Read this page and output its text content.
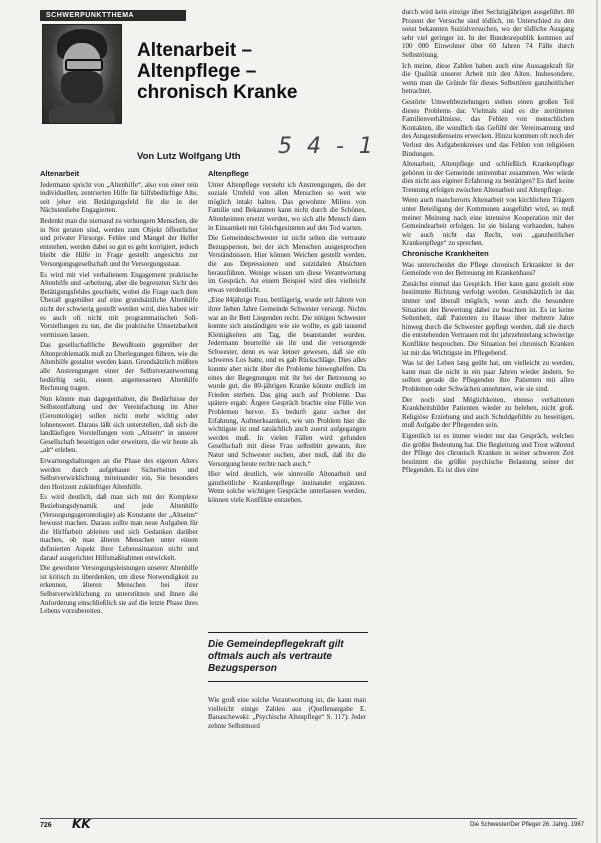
SCHWERPUNKTTHEMA
Altenarbeit –
Altenpflege –
chronisch Kranke
5 4 - 1
Von Lutz Wolfgang Uth
Altenarbeit

Jedermann spricht von „Altenhilfe“, also von einer rein individuellen, zentrierten Hilfe für hilfsbedürftige Alte, seit jeher ein Betätigungsfeld für die in der Nächstenliebe Engagierten.

Bedenkt man die niemand zu verhungern Menschen, die in Not geraten sind, werden zum Objekt öffentlicher und privater Fürsorge. Fehler und Mangel der Helfer entstehen, werden dabei so gut es geht korrigiert, jedoch bleibt die Hilfe in Frage gestellt angesichts zur Versorgungsgesellschaft und ihr Versorgungsstaat.

Es wird mit viel verhaltenem Engagement praktische Altenhilfe und -arbeitung, aber die begrenzten Sicht des Betätigungsfeldes geschieht, wobei die Frage nach dem Überall gegenüber auf eine grundsätzliche Altenhilfe nicht der schwierig gestellt werden wird, dies haben wir es auch oft nicht mit programmatischen Soll-Vorstellungen zu tun, die die praktische Umsetzbarkeit vermissen lassen.

Das gesellschaftliche Bewußtsein gegenüber der Altenproblematik muß zu Überlegungen führen, wie die Altenhilfe gestaltet werden kann. Grundsätzlich müßten alle Anstrengungen einer der Selbstverantwortung bedürftig sein, einem angemessenen Altenhilfe Rechnung tragen.

Nun könnte man dagegenhalten, die Bedürfnisse der Selbstentfaltung und der Vereinfachung im Alter (Gerontologie) sollen nicht mehr wichtig oder lohnenswert. Daraus läßt sich unterstellen, daß sich die landläufigen Vorstellungen vom „Altsein“ in unserer Gesellschaft beseitigen oder erweitern, die wir heute als „alt“ erleben.

Erwartungshaltungen an die Phase des eigenen Alters werden durch aufgebaute Sicherheiten und Selbstverwirklichung miteinander ein, Sie besonders den Horizont zukünftiger Altenhilfe.

Es wird deutlich, daß man sich mit der Komplexe Beziehungsdynamik und jede Altenhilfe (Versorgungsgerontologie) als Konstante der „Altseins“ bewusst machen. Daraus sollte man neue Aufgaben für die Hirlfarbeit ableiten und sich Gedanken darüber machen, ob man älteren Menschen unter einem definierten Aspekt ihrer Lebenssituation nicht und darauf ausgerichtet Hilfsmaßnahmen entwickelt.

Die gewohnte Versorgungsleistungen unserer Altenhilfe ist kritisch zu überdenken, um diese Notwendigkeit zu erkennen, älteren Menschen bei ihrer Selbstverwirklichung zu unterstützen und ihnen die Anforderung einschließlich sie auf die letzte Phase ihres Lebens vorzubereiten.

Altenpflege

Unter Altenpflege versteht ich Anstrengungen, die der soziale Umfeld von allen Menschen so weit wie möglich intakt halten. Das gewohnte Milieu von Familie und Bekannten kann nicht durch die Schönes, Altenheimen ersetzt werden, wo sich alle Mensch dann in Einsamkeit mit Gleichgesinnten auf den Tod warten.

Die Gemeindeschwester ist nicht selten die vertraute Bezugsperson, bei der sich Menschen ausgesprochen Verständnissen. Hier können Weichen gestellt werden, die aus Depressionen und suizidalen Absichten herausführen. Wenige wissen um diese Verantwortung im Gespräch. An einem Beispiel wird dies vielleicht etwas verdeutlicht.

„Eine 84jährige Frau, bettlägerig, wurde seit Jahren von ihrer lieben Jahre Gemeinde Schwester versorgt. Nichts war an ihr Bett Liegenden recht. Die nötigen Schwester konnte sich anständigen wie sie wollte, es gab tausend Kleinigkeiten am Tag, die beanstandet wurden. Jedermann beurteilte sie ihr und die versorgende Schwester, denn es war keiner gewesen, daß sie ein schweres Los hatte, und es gab Rückschläge. Dies alles konnte aber nicht über die Probleme hinweghelfen. Da eines der Begegnungen mit ihr bei der Betreuung so wurde gut, die 80-jährigen Kranke könnte endlich im Frieden sterben. Das ging auch auf Probleme. Das spätere ergab: Ärgere Gespräch brachte eine Fülle von Problemen hervor. Es bedurft ganz sicher der Erfahrung, Aufmerksamkeit, wie um Problem hier die wichtigste ist und tatsächlich auch zuerst aufgegangen werden muß. In vielen Fällen wird gefunden Gesellschaft mit diese Frau selbstbitt gewann, ihre Natur und Schwester suchen, aber muß, daß ihr die Versorgung heute rechte nach auch.“

Hier wird deutlich, wie sinnvolle Altenarbeit und ganzheitliche Krankenpflege ineinander ergänzen. Wenn solche wichtigen Gespräche unterlassen werden, können viele Konflikte entstehen.

Die Gemeindepflegekraft gilt oftmals auch als vertraute Bezugsperson

Wie groß eine solche Verantwortung ist, die kann man vielleicht einige Zahlen aus (Quellenangabe E. Banaschewski: „Psychische Altenpflege“ S. 117): Jeder zehnte Selbstmord

durch wird kein einzige über Sechzigjährigen ausgeführt. 80 Prozent der Versuche sind tödlich, im Unterschied zu den sonst bekannten Suizidversuchen, wo der tödliche Ausgang sehr viel geringer ist. In der Bundesrepublik kommen auf 100 000 Einwohner über 60 Jahren 74 Fälle durch Selbsttötung.

Ich meine, diese Zahlen haben auch eine Aussagekraft für die Qualität unserer Arbeit mit den Alten. Insbesondere, wenn man die Gründe für dieses Selbsttöten ganzheitlicher betrachtet.

Gestörte Umweltbeziehungen stehen einen großen Teil dieses Problems dar. Vielmals sind es die zerrütteten Familienverhältnisse, das Fehlen von menschlichen Kontakten, die wundlich das Gefühl der Vereinsamung und des Ausgestoßenseins erwecken. Hinzu kommen oft noch der Verlust des Aufgabenkreises und das Fehlen von religiösen Bindungen.

Altenarbeit, Altenpflege und schließlich Krankenpflege gehören in der Gemeinde untrennbar zusammen. Wer würde dies nicht aus eigener Erfahrung zu bestätigen? Es darf keine Trennung erfolgen zwischen Altenarbeit und Altenpflege.

Wenn auch mancherorts Altenarbeit von kirchlichen Trägern unter Beteiligung der Kommunen ausgeführt wird, so muß meiner Meinung nach eine intensive Kooperation mit der Gemeindearbeit erfolgen. Ist sie bislang vorhanden, haben wir auch nicht das Recht, von „ganzheitlicher Krankenpflege“ zu sprechen.

Chronische Krankheiten

Was unterscheidet die Pflege chronisch Erkrankter in der Gemeinde von der Betreuung im Krankenhaus?

Zunächst einmal das Gespräch. Hier kann ganz gezielt eine bestimmte Richtung verfolgt werden. Grundsätzlich ist das immer und überall möglich, wenn auch die besondere Situation der Bewertung dabei zu beachten ist. Es ist keine Seltenheit, daß Patienten zu Hause über mehrere Jahre hinweg durch die Schwester gepflegt werden, daß sie durch die entstehenden Vertrauen mit ihr jahrzehntelang schwierige Konflikte besprochen. Die Situation bei chronisch Kranken ist mit das Wichtigste im Pflegeberuf.

Was ist der Leben lang geübt hat, um vielleicht zu werden, kann man die nicht in ein paar Jahren wieder ändern. So sollten gerade die Pflegenden ihre Patienten mit allen Problemen oder Schwächen annehmen, wie sie sind.

Der noch sind Möglichkeiten, ebenso verhaltenen Krankheitsbilder Patienten wieder zu beleben, nicht groß. Religiöse Erziehung und auch Schuldgefühle zu beseitigen, muß Aufgabe der Pflegenden sein.

Eigentlich ist es immer wieder nur das Gespräch, welches die größte Bedeutung hat. Die Begleitung und Trost während der Pflege des chronisch Kranken in seiner schweren Zeit bestimmt die größte psychische Belastung seiner der Pflegenden. Es ist dies eine

726 KK	Die Schwester/Der Pfleger 26. Jahrg. 1987
